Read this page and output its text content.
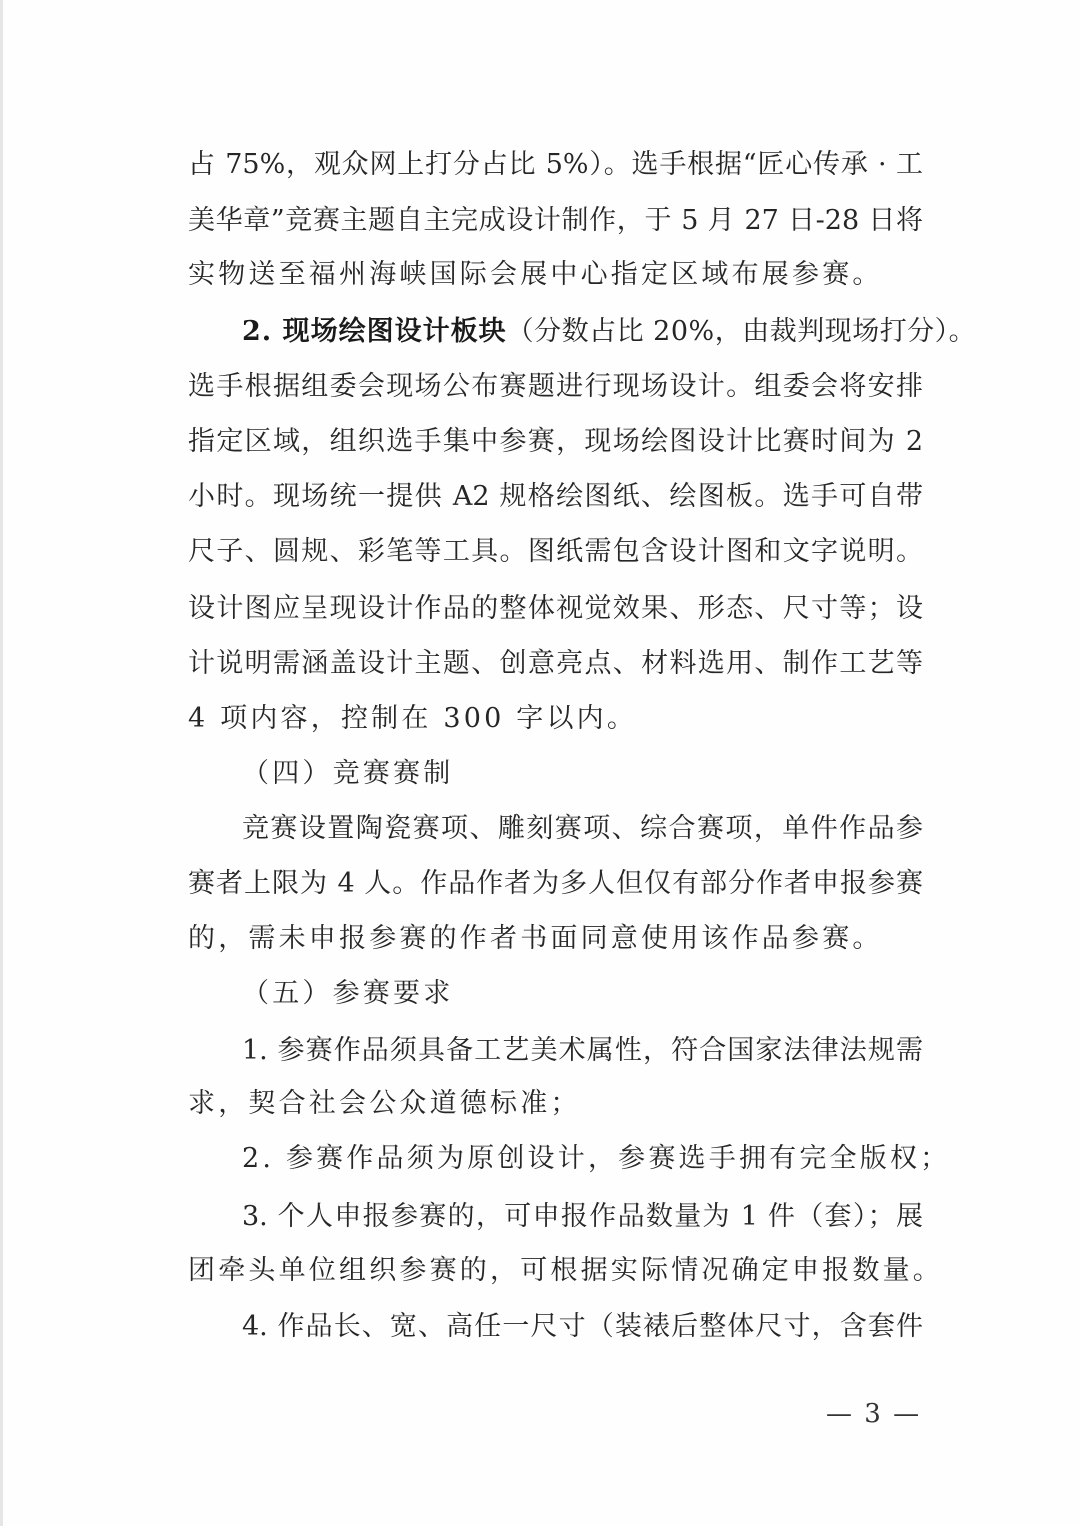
占 75%，观众网上打分占比 5%）。选手根据“匠心传承 · 工
美华章”竞赛主题自主完成设计制作，于 5 月 27 日-28 日将
实物送至福州海峡国际会展中心指定区域布展参赛。
2. 现场绘图设计板块（分数占比 20%，由裁判现场打分）。
选手根据组委会现场公布赛题进行现场设计。组委会将安排
指定区域，组织选手集中参赛，现场绘图设计比赛时间为 2
小时。现场统一提供 A2 规格绘图纸、绘图板。选手可自带
尺子、圆规、彩笔等工具。图纸需包含设计图和文字说明。
设计图应呈现设计作品的整体视觉效果、形态、尺寸等；设
计说明需涵盖设计主题、创意亮点、材料选用、制作工艺等
4 项内容，控制在 300 字以内。
（四）竞赛赛制
竞赛设置陶瓷赛项、雕刻赛项、综合赛项，单件作品参
赛者上限为 4 人。作品作者为多人但仅有部分作者申报参赛
的，需未申报参赛的作者书面同意使用该作品参赛。
（五）参赛要求
1. 参赛作品须具备工艺美术属性，符合国家法律法规需
求，契合社会公众道德标准；
2. 参赛作品须为原创设计，参赛选手拥有完全版权；
3. 个人申报参赛的，可申报作品数量为 1 件（套）；展
团牵头单位组织参赛的，可根据实际情况确定申报数量。
4. 作品长、宽、高任一尺寸（装裱后整体尺寸，含套件
— 3 —
